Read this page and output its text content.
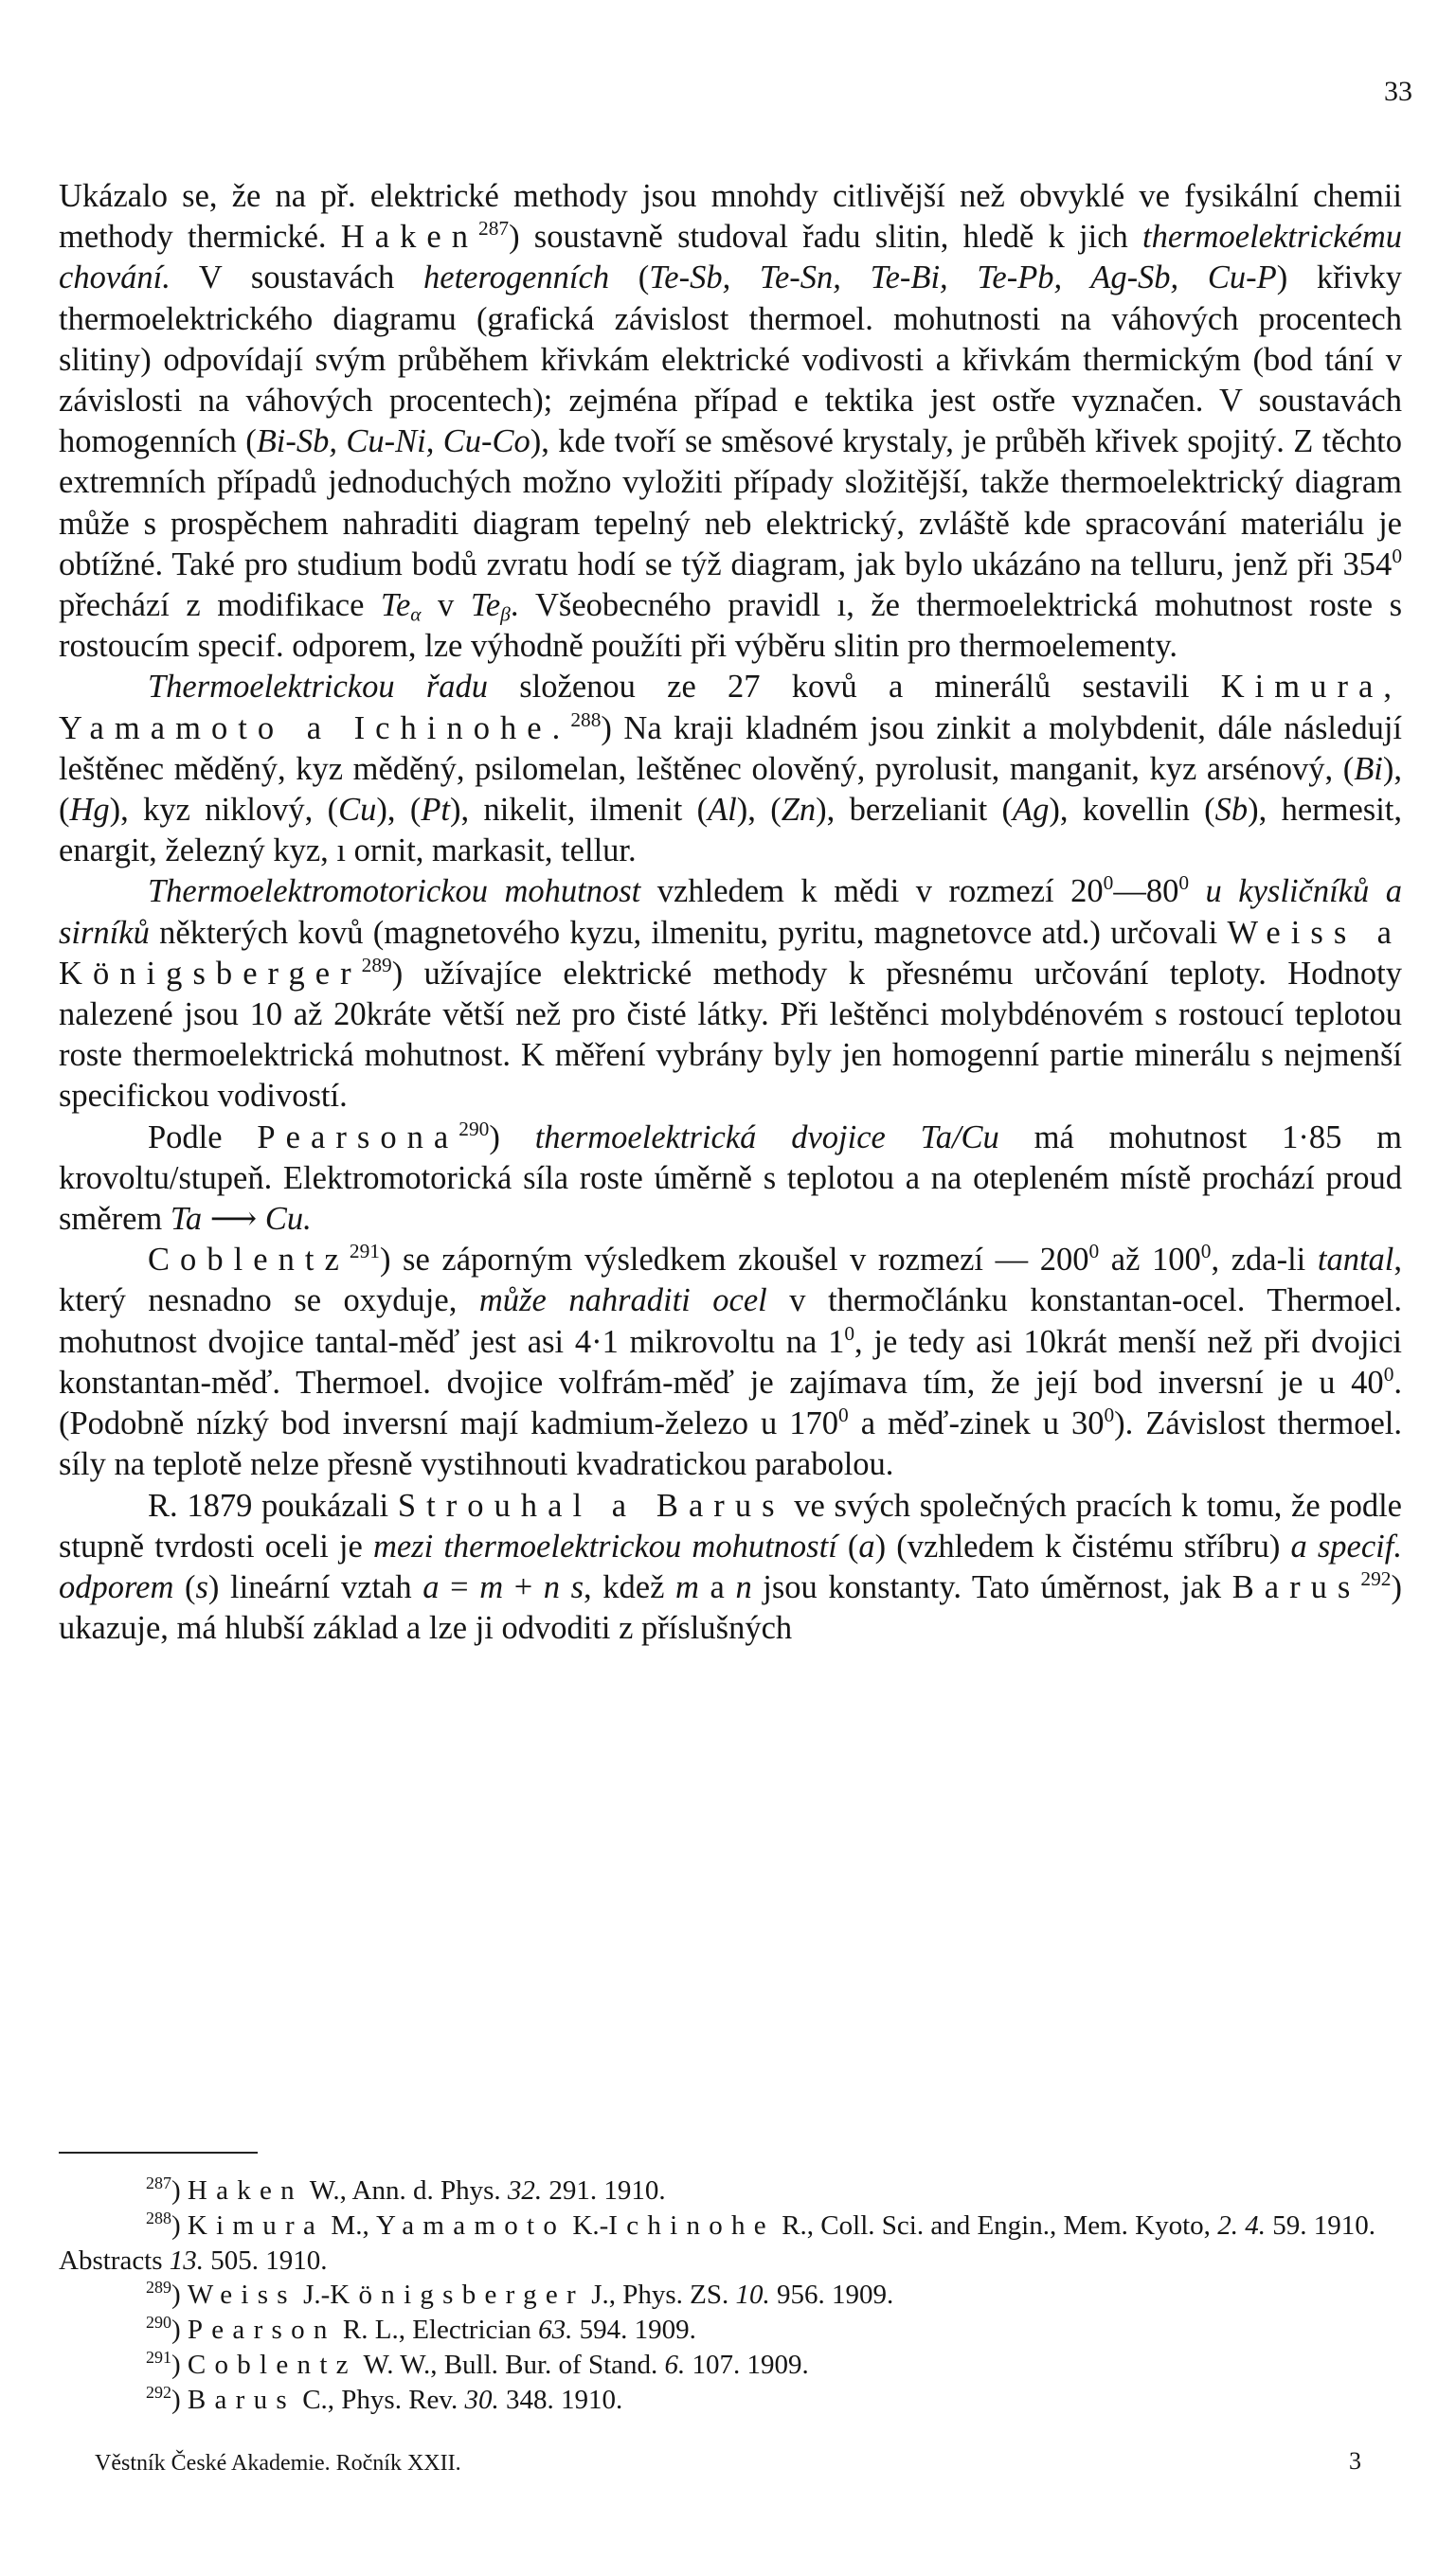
33

Ukázalo se, že na př. elektrické methody jsou mnohdy citlivější než obvyklé ve fysikální chemii methody thermické. Haken$^{287}$) soustavně studoval řadu slitin, hledě k jich thermoelektrickému chování. V soustavách heterogenních (Te-Sb, Te-Sn, Te-Bi, Te-Pb, Ag-Sb, Cu-P) křivky thermoelektrického diagramu (grafická závislost thermoel. mohutnosti na váhových procentech slitiny) odpovídají svým průběhem křivkám elektrické vodivosti a křivkám thermickým (bod tání v závislosti na váhových procentech); zejména případ e tektika jest ostře vyznačen. V soustavách homogenních (Bi-Sb, Cu-Ni, Cu-Co), kde tvoří se směsové krystaly, je průběh křivek spojitý. Z těchto extremních případů jednoduchých možno vyložiti případy složitější, takže thermoelektrický diagram může s prospěchem nahraditi diagram tepelný neb elektrický, zvláště kde spracování materiálu je obtížné. Také pro studium bodů zvratu hodí se týž diagram, jak bylo ukázáno na telluru, jenž při $354^0$ přechází z modifikace $Te_\alpha$ v $Te_\beta$. Všeobecného pravidl ı, že thermoelektrická mohutnost roste s rostoucím specif. odporem, lze výhodně použíti při výběru slitin pro thermoelementy.

Thermoelektrickou řadu složenou ze 27 kovů a minerálů sestavili Kimura, Yamamoto a Ichinohe.$^{288}$) Na kraji kladném jsou zinkit a molybdenit, dále následují leštěnec měděný, kyz měděný, psilomelan, leštěnec olověný, pyrolusit, manganit, kyz arsénový, (Bi), (Hg), kyz niklový, (Cu), (Pt), nikelit, ilmenit (Al), (Zn), berzelianit (Ag), kovellin (Sb), hermesit, enargit, železný kyz, ı ornit, markasit, tellur.

Thermoelektromotorickou mohutnost vzhledem k mědi v rozmezí $20^0—80^0$ u kysličníků a sirníků některých kovů (magnetového kyzu, ilmenitu, pyritu, magnetovce atd.) určovali Weiss a Königsberger$^{289}$) užívajíce elektrické methody k přesnému určování teploty. Hodnoty nalezené jsou 10 až 20kráte větší než pro čisté látky. Při leštěnci molybdénovém s rostoucí teplotou roste thermoelektrická mohutnost. K měření vybrány byly jen homogenní partie minerálu s nejmenší specifickou vodivostí.

Podle Pearsona$^{290}$) thermoelektrická dvojice Ta/Cu má mohutnost 1·85 m krovoltu/stupeň. Elektromotorická síla roste úměrně s teplotou a na otepleném místě prochází proud směrem Ta ⟶ Cu.

Coblentz$^{291}$) se záporným výsledkem zkoušel v rozmezí — $200^0$ až $100^0$, zda-li tantal, který nesnadno se oxyduje, může nahraditi ocel v thermočlánku konstantan-ocel. Thermoel. mohutnost dvojice tantal-měď jest asi 4·1 mikrovoltu na $1^0$, je tedy asi 10krát menší než při dvojici konstantan-měď. Thermoel. dvojice volfrám-měď je zajímava tím, že její bod inversní je u $40^0$. (Podobně nízký bod inversní mají kadmium-železo u $170^0$ a měď-zinek u $30^0$). Závislost thermoel. síly na teplotě nelze přesně vystihnouti kvadratickou parabolou.

R. 1879 poukázali Strouhal a Barus ve svých společných pracích k tomu, že podle stupně tvrdosti oceli je mezi thermoelektrickou mohutností (a) (vzhledem k čistému stříbru) a specif. odporem (s) lineární vztah a = m + n s, kdež m a n jsou konstanty. Tato úměrnost, jak Barus$^{292}$) ukazuje, má hlubší základ a lze ji odvoditi z příslušných

$^{287}$) Haken W., Ann. d. Phys. 32. 291. 1910.

$^{288}$) Kimura M., Yamamoto K.-Ichinohe R., Coll. Sci. and Engin., Mem. Kyoto, 2. 4. 59. 1910. Abstracts 13. 505. 1910.

$^{289}$) Weiss J.-Königsberger J., Phys. ZS. 10. 956. 1909.

$^{290}$) Pearson R. L., Electrician 63. 594. 1909.

$^{291}$) Coblentz W. W., Bull. Bur. of Stand. 6. 107. 1909.

$^{292}$) Barus C., Phys. Rev. 30. 348. 1910.

Věstník České Akademie. Ročník XXII.	3
